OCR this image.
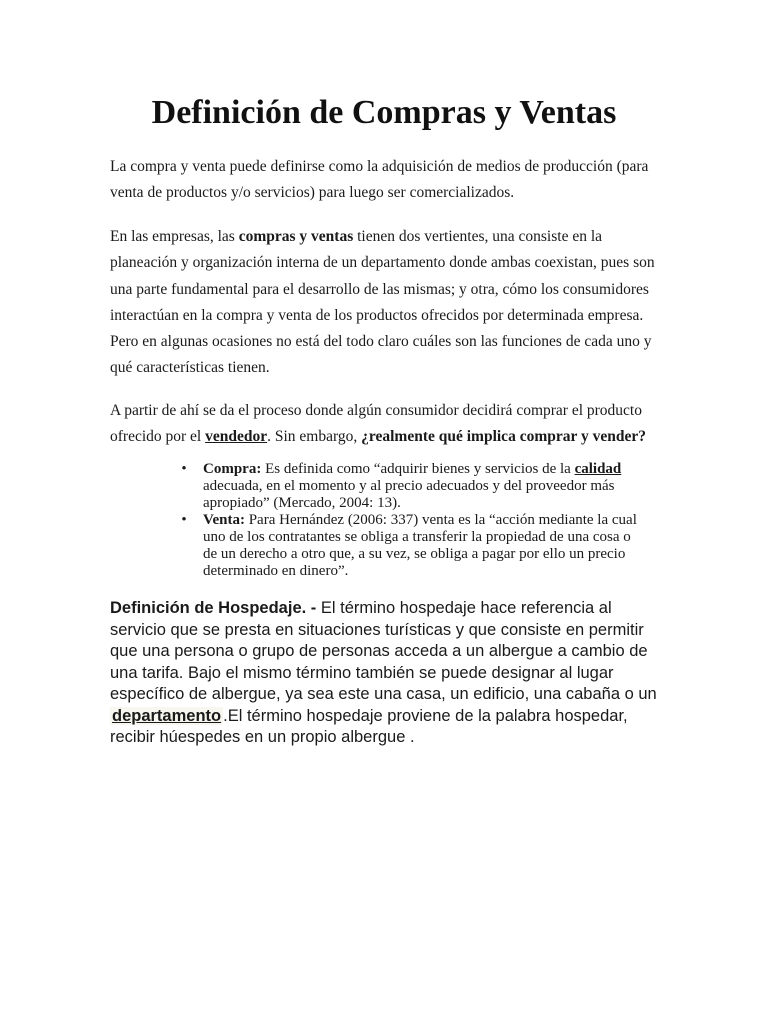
Definición de Compras y Ventas

La compra y venta puede definirse como la adquisición de medios de producción (para venta de productos y/o servicios) para luego ser comercializados.

En las empresas, las compras y ventas tienen dos vertientes, una consiste en la planeación y organización interna de un departamento donde ambas coexistan, pues son una parte fundamental para el desarrollo de las mismas; y otra, cómo los consumidores interactúan en la compra y venta de los productos ofrecidos por determinada empresa. Pero en algunas ocasiones no está del todo claro cuáles son las funciones de cada uno y qué características tienen.

A partir de ahí se da el proceso donde algún consumidor decidirá comprar el producto ofrecido por el vendedor. Sin embargo, ¿realmente qué implica comprar y vender?

• Compra: Es definida como “adquirir bienes y servicios de la calidad adecuada, en el momento y al precio adecuados y del proveedor más apropiado” (Mercado, 2004: 13).
• Venta: Para Hernández (2006: 337) venta es la “acción mediante la cual uno de los contratantes se obliga a transferir la propiedad de una cosa o de un derecho a otro que, a su vez, se obliga a pagar por ello un precio determinado en dinero”.

Definición de Hospedaje. - El término hospedaje hace referencia al servicio que se presta en situaciones turísticas y que consiste en permitir que una persona o grupo de personas acceda a un albergue a cambio de una tarifa. Bajo el mismo término también se puede designar al lugar específico de albergue, ya sea este una casa, un edificio, una cabaña o un departamento .El término hospedaje proviene de la palabra hospedar, recibir húespedes en un propio albergue .
